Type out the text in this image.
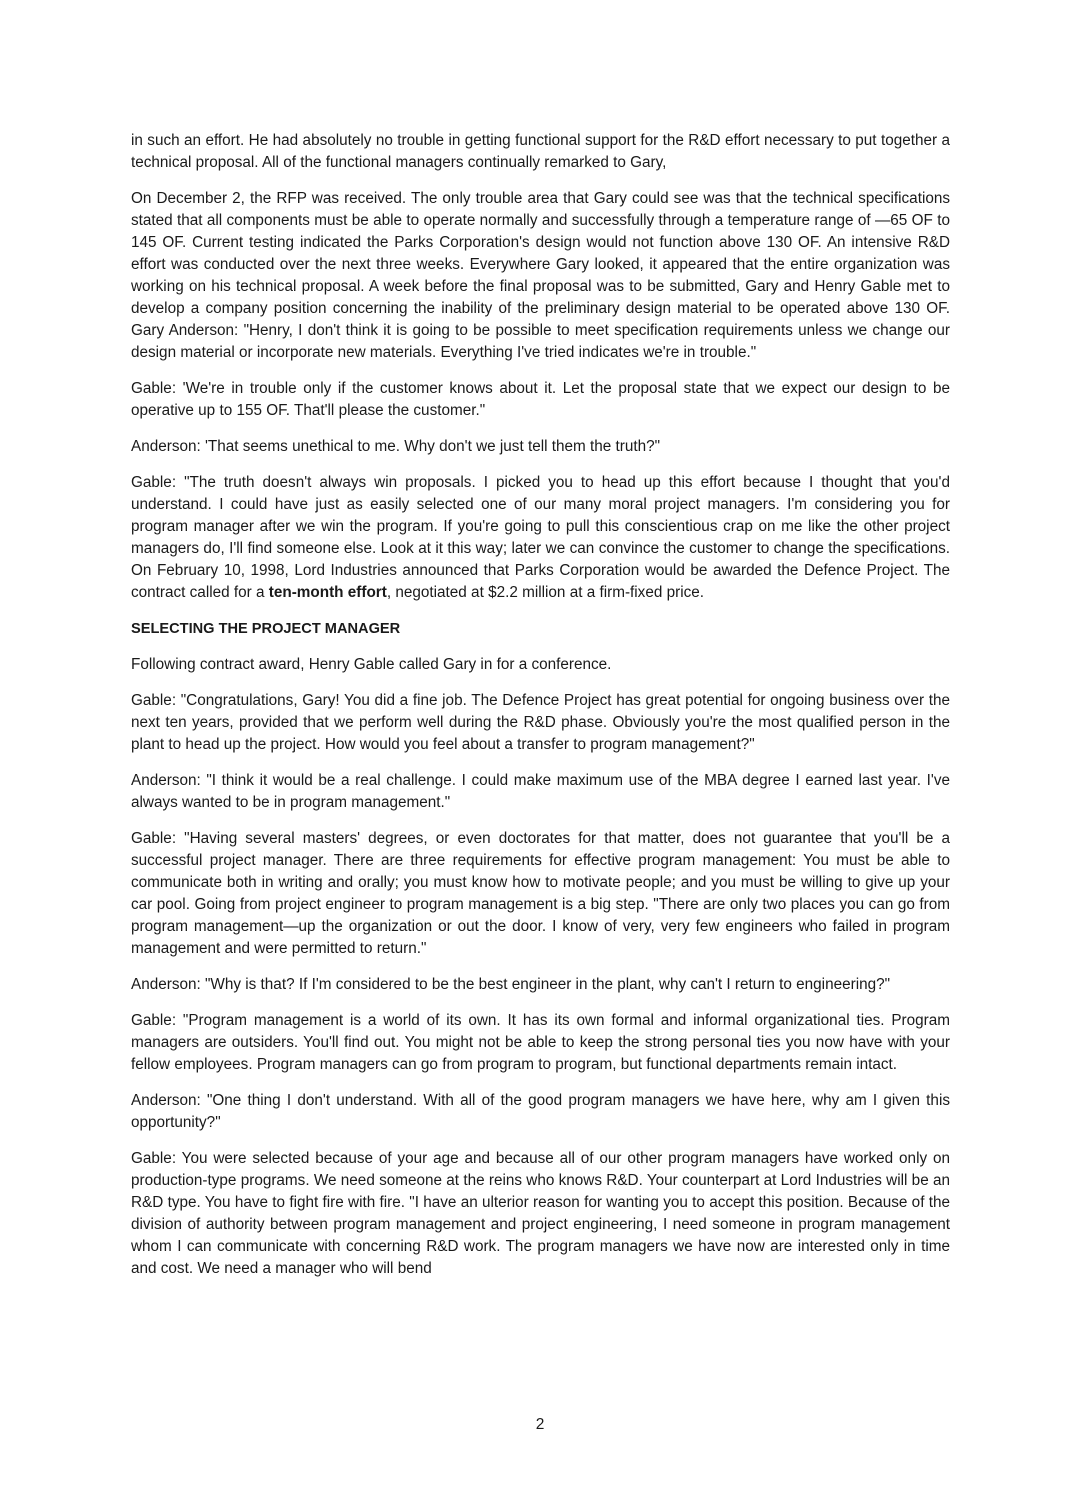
in such an effort. He had absolutely no trouble in getting functional support for the R&D effort necessary to put together a technical proposal. All of the functional managers continually remarked to Gary,

On December 2, the RFP was received. The only trouble area that Gary could see was that the technical specifications stated that all components must be able to operate normally and successfully through a temperature range of —65 OF to 145 OF. Current testing indicated the Parks Corporation's design would not function above 130 OF. An intensive R&D effort was conducted over the next three weeks. Everywhere Gary looked, it appeared that the entire organization was working on his technical proposal. A week before the final proposal was to be submitted, Gary and Henry Gable met to develop a company position concerning the inability of the preliminary design material to be operated above 130 OF. Gary Anderson: "Henry, I don't think it is going to be possible to meet specification requirements unless we change our design material or incorporate new materials. Everything I've tried indicates we're in trouble."

Gable: 'We're in trouble only if the customer knows about it. Let the proposal state that we expect our design to be operative up to 155 OF. That'll please the customer."

Anderson: 'That seems unethical to me. Why don't we just tell them the truth?"

Gable: "The truth doesn't always win proposals. I picked you to head up this effort because I thought that you'd understand. I could have just as easily selected one of our many moral project managers. I'm considering you for program manager after we win the program. If you're going to pull this conscientious crap on me like the other project managers do, I'll find someone else. Look at it this way; later we can convince the customer to change the specifications. On February 10, 1998, Lord Industries announced that Parks Corporation would be awarded the Defence Project. The contract called for a ten-month effort, negotiated at $2.2 million at a firm-fixed price.

SELECTING THE PROJECT MANAGER

Following contract award, Henry Gable called Gary in for a conference.

Gable: "Congratulations, Gary! You did a fine job. The Defence Project has great potential for ongoing business over the next ten years, provided that we perform well during the R&D phase. Obviously you're the most qualified person in the plant to head up the project. How would you feel about a transfer to program management?"

Anderson: "I think it would be a real challenge. I could make maximum use of the MBA degree I earned last year. I've always wanted to be in program management."

Gable: "Having several masters' degrees, or even doctorates for that matter, does not guarantee that you'll be a successful project manager. There are three requirements for effective program management: You must be able to communicate both in writing and orally; you must know how to motivate people; and you must be willing to give up your car pool. Going from project engineer to program management is a big step. "There are only two places you can go from program management—up the organization or out the door. I know of very, very few engineers who failed in program management and were permitted to return."

Anderson: "Why is that? If I'm considered to be the best engineer in the plant, why can't I return to engineering?"

Gable: "Program management is a world of its own. It has its own formal and informal organizational ties. Program managers are outsiders. You'll find out. You might not be able to keep the strong personal ties you now have with your fellow employees. Program managers can go from program to program, but functional departments remain intact.

Anderson: "One thing I don't understand. With all of the good program managers we have here, why am I given this opportunity?"

Gable: You were selected because of your age and because all of our other program managers have worked only on production-type programs. We need someone at the reins who knows R&D. Your counterpart at Lord Industries will be an R&D type. You have to fight fire with fire. "I have an ulterior reason for wanting you to accept this position. Because of the division of authority between program management and project engineering, I need someone in program management whom I can communicate with concerning R&D work. The program managers we have now are interested only in time and cost. We need a manager who will bend

2
